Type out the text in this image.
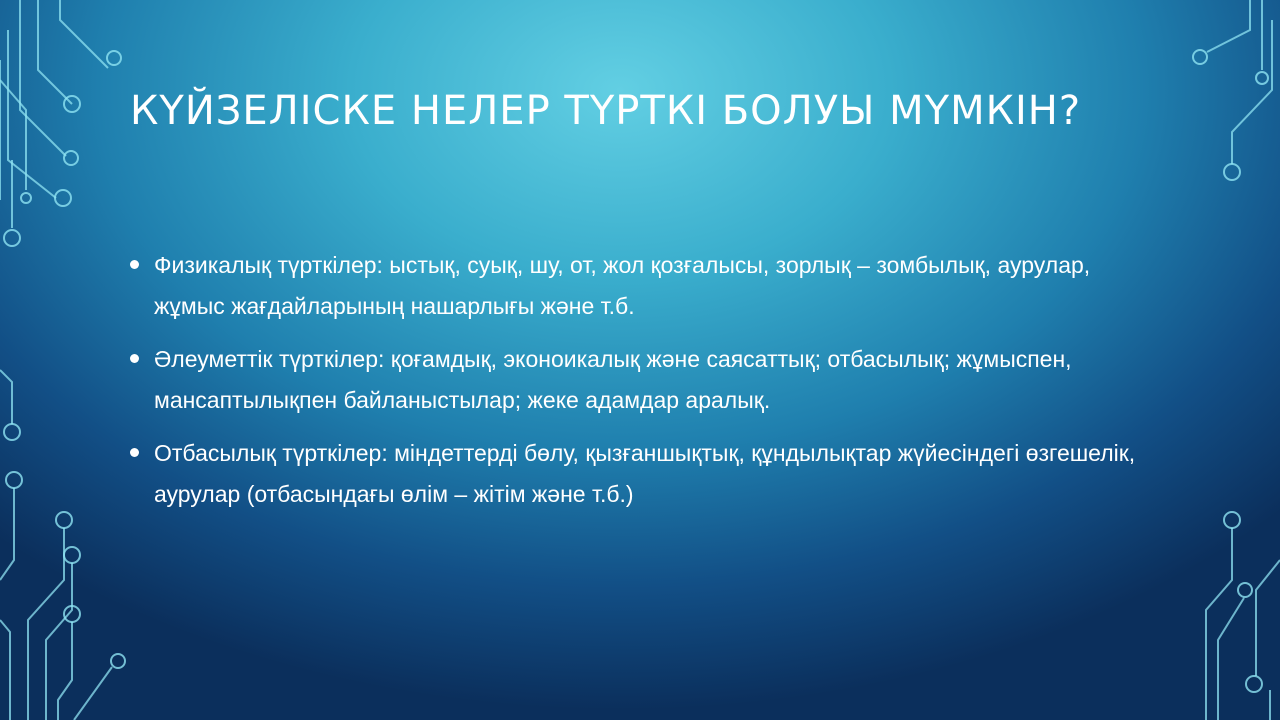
КҮЙЗЕЛІСКЕ НЕЛЕР ТҮРТКІ БОЛУЫ МҮМКІН?
Физикалық түрткілер: ыстық, суық, шу, от, жол қозғалысы, зорлық – зомбылық, аурулар, жұмыс жағдайларының нашарлығы және т.б.
Әлеуметтік түрткілер: қоғамдық, эконоикалық және саясаттық; отбасылық; жұмыспен, мансаптылықпен байланыстылар; жеке адамдар аралық.
Отбасылық түрткілер: міндеттерді бөлу, қызғаншықтық, құндылықтар жүйесіндегі өзгешелік, аурулар (отбасындағы өлім – жітім және т.б.)
